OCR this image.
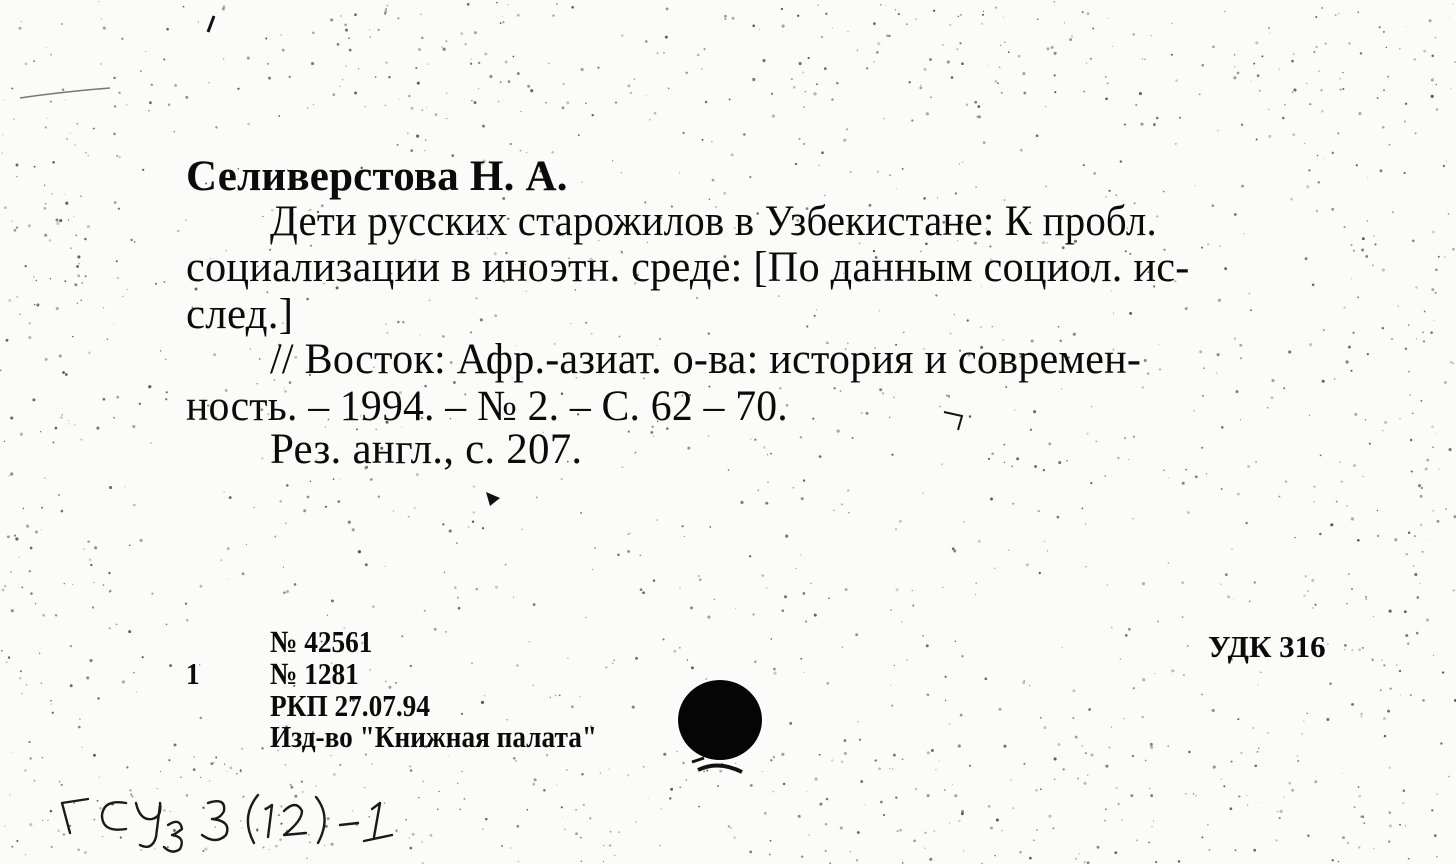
Селиверстова Н. А.
Дети русских старожилов в Узбекистане: К пробл.
социализации в иноэтн. среде: [По данным социол. ис-
след.]
// Восток: Афр.-азиат. о-ва: история и современ-
ность. – 1994. – № 2. – С. 62 – 70.
Рез. англ., с. 207.
№ 42561
1 № 1281
РКП 27.07.94
Изд-во "Книжная палата"
УДК 316
